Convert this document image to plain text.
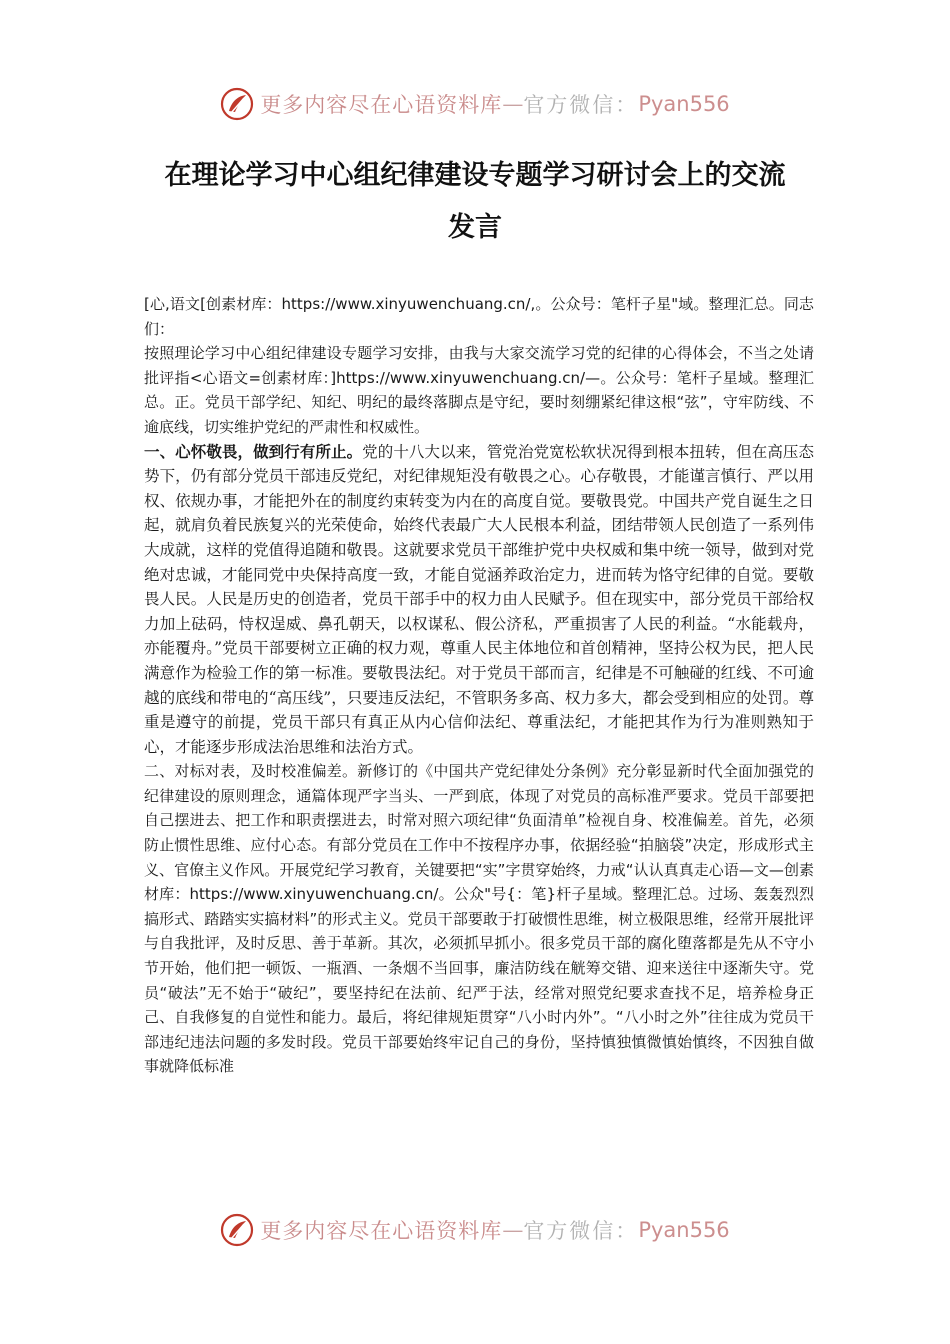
更多内容尽在心语资料库 — 官方微信： Pyan556
在理论学习中心组纪律建设专题学习研讨会上的交流
发言

[心,语文[创素材库：https://www.xinyuwenchuang.cn/,。公众号：笔杆子星"域。整理汇总。同志们：

按照理论学习中心组纪律建设专题学习安排，由我与大家交流学习党的纪律的心得体会，不当之处请批评指<心语文=创素材库：]https://www.xinyuwenchuang.cn/—。公众号：笔杆子星域。整理汇总。正。党员干部学纪、知纪、明纪的最终落脚点是守纪，要时刻绷紧纪律这根“弦”，守牢防线、不逾底线，切实维护党纪的严肃性和权威性。

一、心怀敬畏，做到行有所止。党的十八大以来，管党治党宽松软状况得到根本扭转，但在高压态势下，仍有部分党员干部违反党纪，对纪律规矩没有敬畏之心。心存敬畏，才能谨言慎行、严以用权、依规办事，才能把外在的制度约束转变为内在的高度自觉。要敬畏党。中国共产党自诞生之日起，就肩负着民族复兴的光荣使命，始终代表最广大人民根本利益，团结带领人民创造了一系列伟大成就，这样的党值得追随和敬畏。这就要求党员干部维护党中央权威和集中统一领导，做到对党绝对忠诚，才能同党中央保持高度一致，才能自觉涵养政治定力，进而转为恪守纪律的自觉。要敬畏人民。人民是历史的创造者，党员干部手中的权力由人民赋予。但在现实中，部分党员干部给权力加上砝码，恃权逞威、鼻孔朝天，以权谋私、假公济私，严重损害了人民的利益。“水能载舟，亦能覆舟。”党员干部要树立正确的权力观，尊重人民主体地位和首创精神，坚持公权为民，把人民满意作为检验工作的第一标准。要敬畏法纪。对于党员干部而言，纪律是不可触碰的红线、不可逾越的底线和带电的“高压线”，只要违反法纪，不管职务多高、权力多大，都会受到相应的处罚。尊重是遵守的前提，党员干部只有真正从内心信仰法纪、尊重法纪，才能把其作为行为准则熟知于心，才能逐步形成法治思维和法治方式。

二、对标对表，及时校准偏差。新修订的《中国共产党纪律处分条例》充分彰显新时代全面加强党的纪律建设的原则理念，通篇体现严字当头、一严到底，体现了对党员的高标准严要求。党员干部要把自己摆进去、把工作和职责摆进去，时常对照六项纪律“负面清单”检视自身、校准偏差。首先，必须防止惯性思维、应付心态。有部分党员在工作中不按程序办事，依据经验“拍脑袋”决定，形成形式主义、官僚主义作风。开展党纪学习教育，关键要把“实”字贯穿始终，力戒“认认真真走心语—文—创素材库：https://www.xinyuwenchuang.cn/。公众"号{：笔}杆子星域。整理汇总。过场、轰轰烈烈搞形式、踏踏实实搞材料”的形式主义。党员干部要敢于打破惯性思维，树立极限思维，经常开展批评与自我批评，及时反思、善于革新。其次，必须抓早抓小。很多党员干部的腐化堕落都是先从不守小节开始，他们把一顿饭、一瓶酒、一条烟不当回事，廉洁防线在觥筹交错、迎来送往中逐渐失守。党员“破法”无不始于“破纪”，要坚持纪在法前、纪严于法，经常对照党纪要求查找不足，培养检身正己、自我修复的自觉性和能力。最后，将纪律规矩贯穿“八小时内外”。“八小时之外”往往成为党员干部违纪违法问题的多发时段。党员干部要始终牢记自己的身份，坚持慎独慎微慎始慎终，不因独自做事就降低标准

更多内容尽在心语资料库 — 官方微信： Pyan556
